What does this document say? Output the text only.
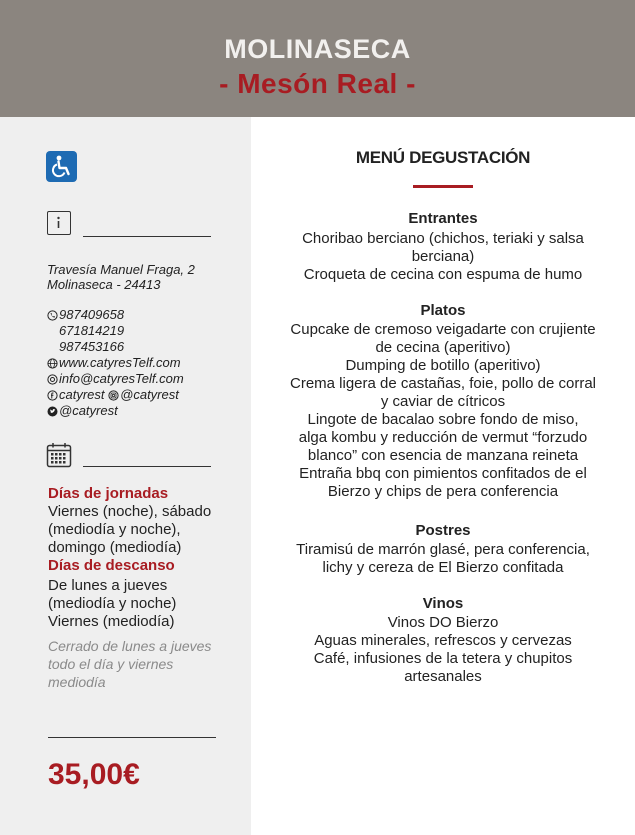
MOLINASECA
- Mesón Real -
Travesía Manuel Fraga, 2
Molinaseca - 24413
987409658
671814219
987453166
www.catyresTelf.com
info@catyresTelf.com
catyrest @catyrest
@catyrest
Días de jornadas
Viernes (noche), sábado
(mediodía y noche),
domingo (mediodía)
Días de descanso
De lunes a jueves
(mediodía y noche)
Viernes (mediodía)
Cerrado de lunes a jueves
todo el día y viernes
mediodía
35,00€
MENÚ DEGUSTACIÓN
Entrantes
Choribao berciano (chichos, teriaki y salsa
berciana)
Croqueta de cecina con espuma de humo
Platos
Cupcake de cremoso veigadarte con crujiente
de cecina (aperitivo)
Dumping de botillo (aperitivo)
Crema ligera de castañas, foie, pollo de corral
y caviar de cítricos
Lingote de bacalao sobre fondo de miso,
alga kombu y reducción de vermut “forzudo
blanco” con esencia de manzana reineta
Entraña bbq con pimientos confitados de el
Bierzo y chips de pera conferencia
Postres
Tiramisú de marrón glasé, pera conferencia,
lichy y cereza de El Bierzo confitada
Vinos
Vinos DO Bierzo
Aguas minerales, refrescos y cervezas
Café, infusiones de la tetera y chupitos
artesanales
